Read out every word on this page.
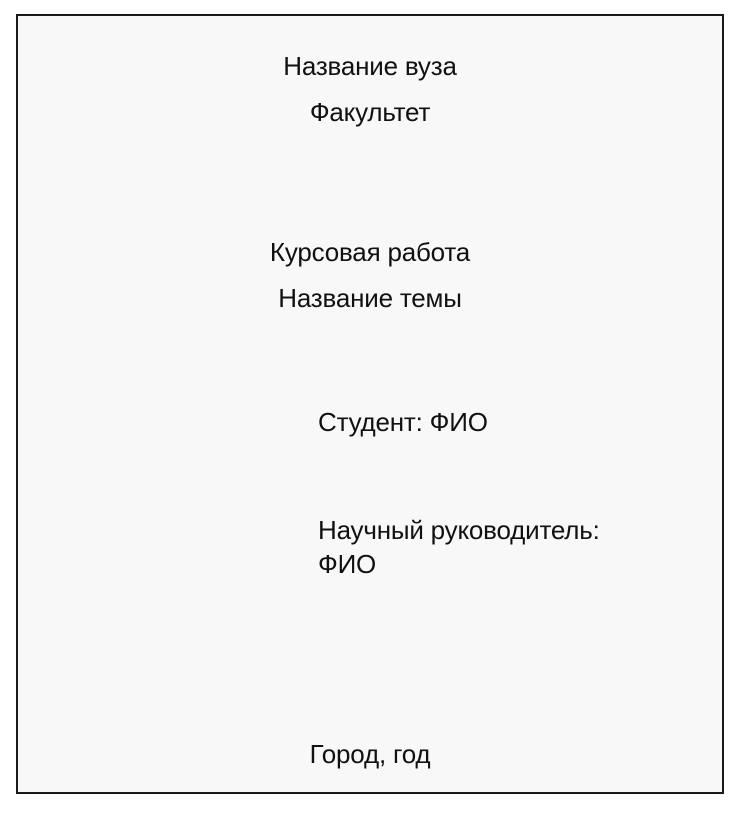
Название вуза
Факультет
Курсовая работа
Название темы
Студент: ФИО
Научный руководитель:
ФИО
Город, год
